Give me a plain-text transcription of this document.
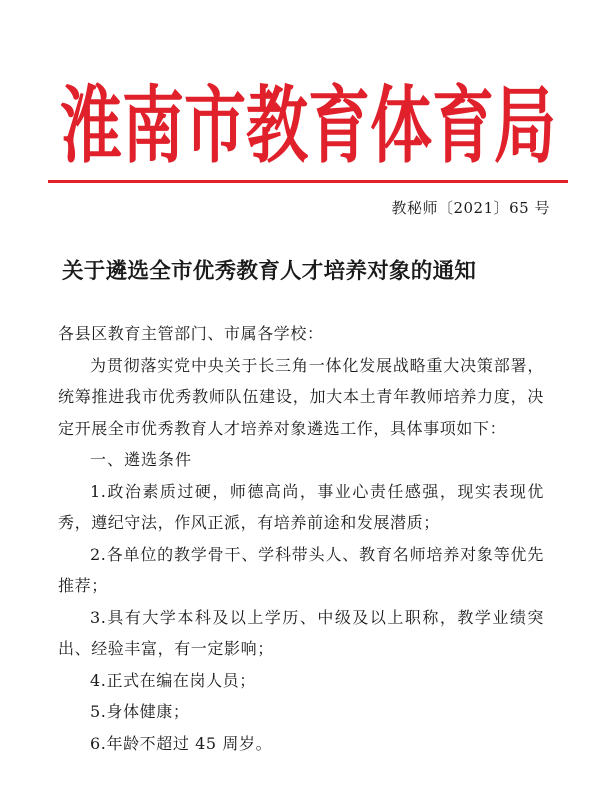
淮南市教育体育局
教秘师〔2021〕65 号
关于遴选全市优秀教育人才培养对象的通知

各县区教育主管部门、市属各学校：

为贯彻落实党中央关于长三角一体化发展战略重大决策部署，统筹推进我市优秀教师队伍建设，加大本土青年教师培养力度，决定开展全市优秀教育人才培养对象遴选工作，具体事项如下：

一、遴选条件

1.政治素质过硬，师德高尚，事业心责任感强，现实表现优秀，遵纪守法，作风正派，有培养前途和发展潜质；

2.各单位的教学骨干、学科带头人、教育名师培养对象等优先推荐；

3.具有大学本科及以上学历、中级及以上职称，教学业绩突出、经验丰富，有一定影响；

4.正式在编在岗人员；

5.身体健康；

6.年龄不超过 45 周岁。
